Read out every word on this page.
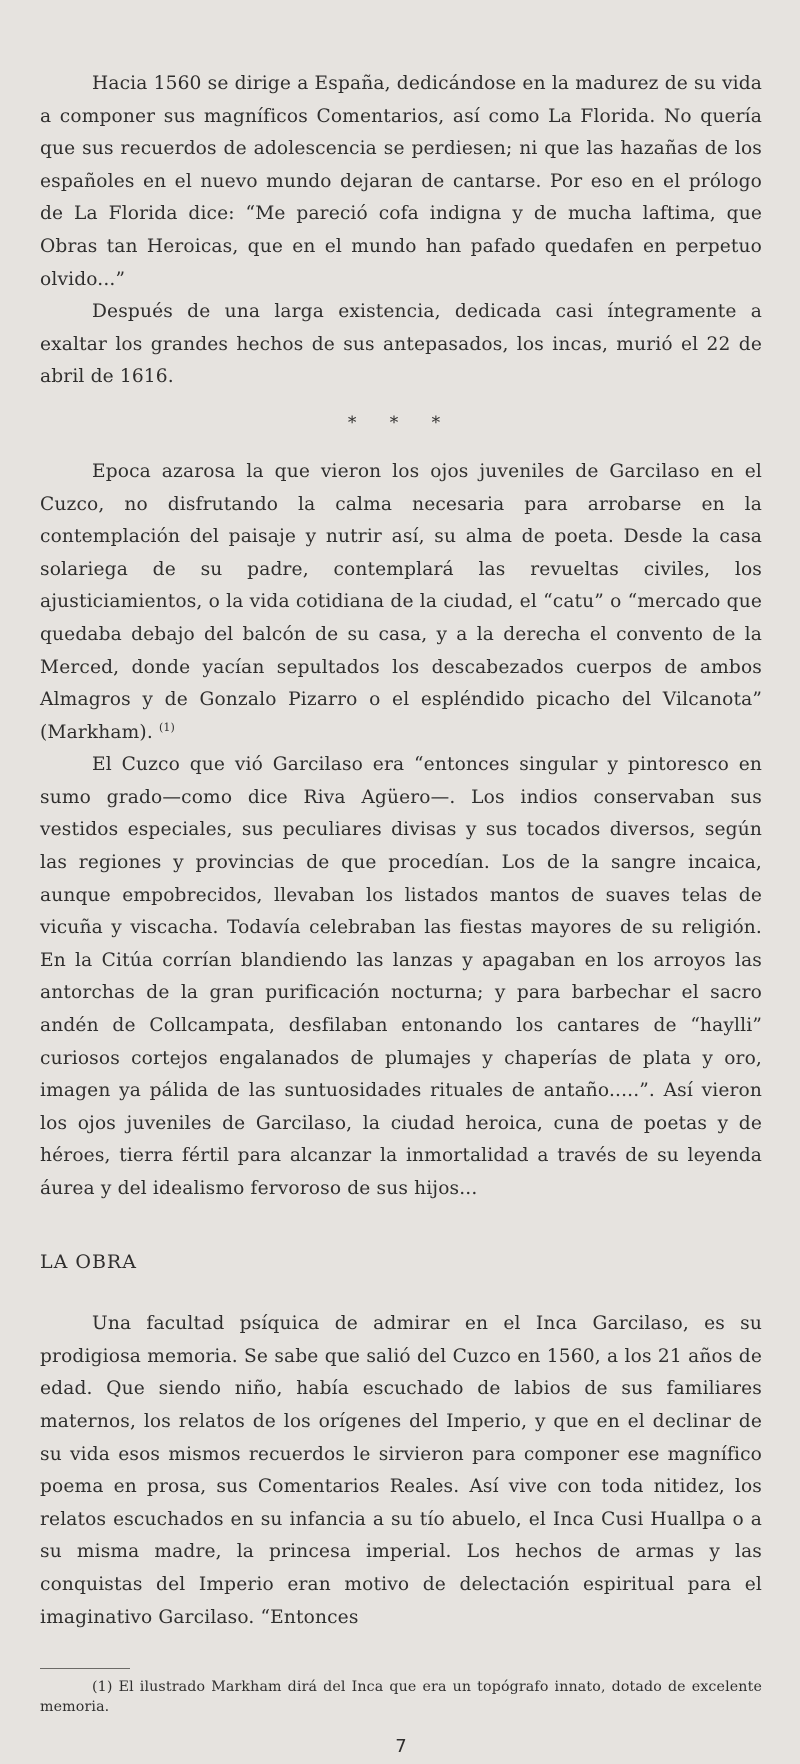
Hacia 1560 se dirige a España, dedicándose en la madurez de su vida a componer sus magníficos Comentarios, así como La Florida. No quería que sus recuerdos de adolescencia se perdiesen; ni que las hazañas de los españoles en el nuevo mundo dejaran de cantarse. Por eso en el prólogo de La Florida dice: “Me pareció cofa indigna y de mucha laftima, que Obras tan Heroicas, que en el mundo han pafado quedafen en perpetuo olvido...”

Después de una larga existencia, dedicada casi íntegramente a exaltar los grandes hechos de sus antepasados, los incas, murió el 22 de abril de 1616.

* * *

Epoca azarosa la que vieron los ojos juveniles de Garcilaso en el Cuzco, no disfrutando la calma necesaria para arrobarse en la contemplación del paisaje y nutrir así, su alma de poeta. Desde la casa solariega de su padre, contemplará las revueltas civiles, los ajusticiamientos, o la vida cotidiana de la ciudad, el “catu” o “mercado que quedaba debajo del balcón de su casa, y a la derecha el convento de la Merced, donde yacían sepultados los descabezados cuerpos de ambos Almagros y de Gonzalo Pizarro o el espléndido picacho del Vilcanota” (Markham). $^{(1)}$

El Cuzco que vió Garcilaso era “entonces singular y pintoresco en sumo grado—como dice Riva Agüero—. Los indios conservaban sus vestidos especiales, sus peculiares divisas y sus tocados diversos, según las regiones y provincias de que procedían. Los de la sangre incaica, aunque empobrecidos, llevaban los listados mantos de suaves telas de vicuña y viscacha. Todavía celebraban las fiestas mayores de su religión. En la Citúa corrían blandiendo las lanzas y apagaban en los arroyos las antorchas de la gran purificación nocturna; y para barbechar el sacro andén de Collcampata, desfilaban entonando los cantares de “haylli” curiosos cortejos engalanados de plumajes y chaperías de plata y oro, imagen ya pálida de las suntuosidades rituales de antaño.....”. Así vieron los ojos juveniles de Garcilaso, la ciudad heroica, cuna de poetas y de héroes, tierra fértil para alcanzar la inmortalidad a través de su leyenda áurea y del idealismo fervoroso de sus hijos...

LA OBRA

Una facultad psíquica de admirar en el Inca Garcilaso, es su prodigiosa memoria. Se sabe que salió del Cuzco en 1560, a los 21 años de edad. Que siendo niño, había escuchado de labios de sus familiares maternos, los relatos de los orígenes del Imperio, y que en el declinar de su vida esos mismos recuerdos le sirvieron para componer ese magnífico poema en prosa, sus Comentarios Reales. Así vive con toda nitidez, los relatos escuchados en su infancia a su tío abuelo, el Inca Cusi Huallpa o a su misma madre, la princesa imperial. Los hechos de armas y las conquistas del Imperio eran motivo de delectación espiritual para el imaginativo Garcilaso. “Entonces

(1) El ilustrado Markham dirá del Inca que era un topógrafo innato, dotado de excelente memoria.

7
